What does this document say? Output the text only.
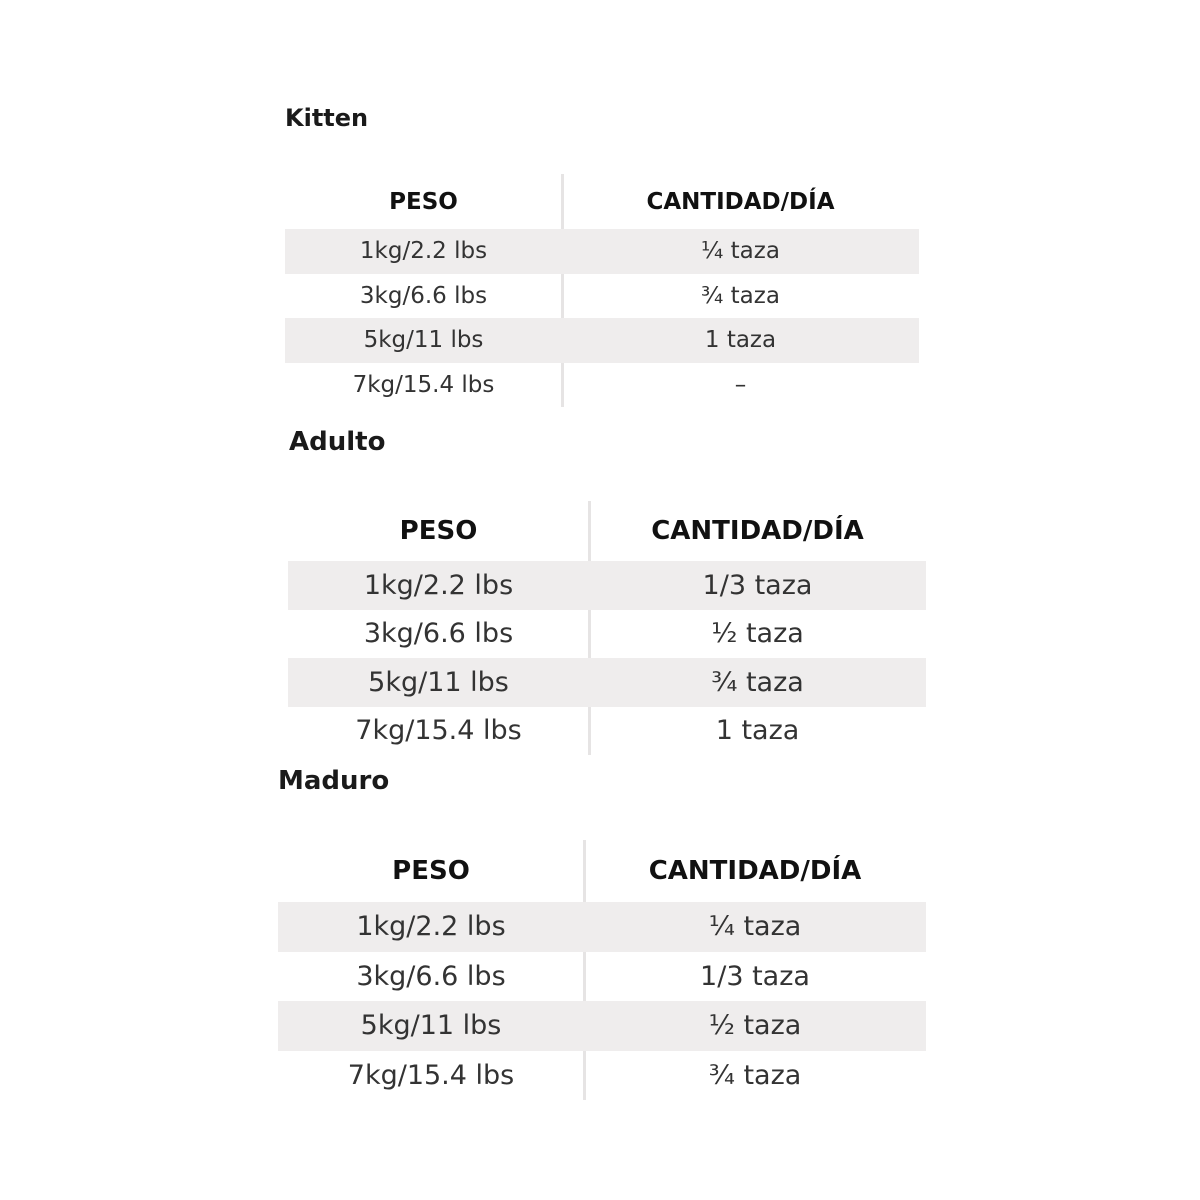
Kitten
PESO	CANTIDAD/DÍA
1kg/2.2 lbs	¼ taza
3kg/6.6 lbs	¾ taza
5kg/11 lbs	1 taza
7kg/15.4 lbs	–
Adulto
PESO	CANTIDAD/DÍA
1kg/2.2 lbs	1/3 taza
3kg/6.6 lbs	½ taza
5kg/11 lbs	¾ taza
7kg/15.4 lbs	1 taza
Maduro
PESO	CANTIDAD/DÍA
1kg/2.2 lbs	¼ taza
3kg/6.6 lbs	1/3 taza
5kg/11 lbs	½ taza
7kg/15.4 lbs	¾ taza
